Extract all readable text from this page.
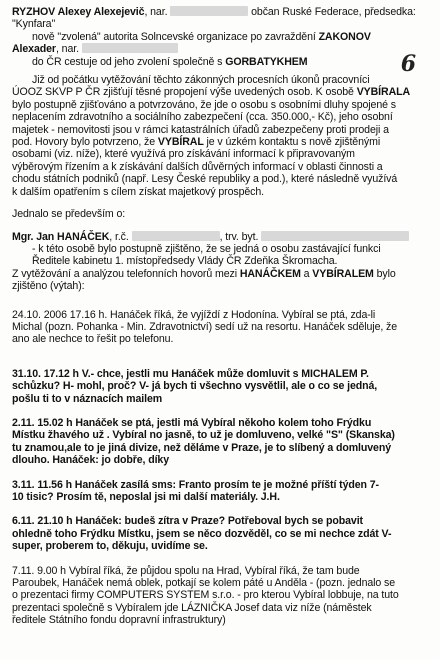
RYZHOV Alexey Alexejevič, nar.	občan Ruské Federace, předsedka:
"Kynfara"
nově "zvolená" autorita Solncevské organizace po zavraždění ZAKONOV
Alexader, nar.
do ČR cestuje od jeho zvolení společně s GORBATYKHEM	6
Již od počátku vytěžování těchto zákonných procesních úkonů pracovníci
ÚOOZ SKVP P ČR zjišťují těsné propojení výše uvedených osob. K osobě VYBÍRALA
bylo postupně zjišťováno a potvrzováno, že jde o osobu s osobními dluhy spojené s
neplacením zdravotního a sociálního zabezpečení (cca. 350.000,- Kč), jeho osobní
majetek - nemovitosti jsou v rámci katastrálních úřadů zabezpečeny proti prodeji a
pod. Hovory bylo potvrzeno, že VYBÍRAL je v úzkém kontaktu s nově zjištěnými
osobami (viz. níže), které využívá pro získávání informací k připravovaným
výběrovým řízením a k získávání dalších důvěrných informací v oblasti činnosti a
chodu státních podniků (např. Lesy České republiky a pod.), které následně využívá
k dalším opatřením s cílem získat majetkový prospěch.
Jednalo se především o:
Mgr. Jan HANÁČEK, r.č.	, trv. byt.
- k této osobě bylo postupně zjištěno, že se jedná o osobu zastávající funkci
Ředitele kabinetu 1. místopředsedy Vlády ČR Zdeňka Škromacha.
Z vytěžování a analýzou telefonních hovorů mezi HANÁČKEM a VYBÍRALEM bylo
zjištěno (výtah):
24.10. 2006 17.16 h. Hanáček říká, že vyjíždí z Hodonína. Vybíral se ptá, zda-li
Michal (pozn. Pohanka - Min. Zdravotnictví) sedí už na resortu. Hanáček sděluje, že
ano ale nechce to řešit po telefonu.
31.10. 17.12 h V.- chce, jestli mu Hanáček může domluvit s MICHALEM P.
schůzku? H- mohl, proč? V- já bych ti všechno vysvětlil, ale o co se jedná,
pošlu ti to v náznacích mailem
2.11. 15.02 h Hanáček se ptá, jestli má Vybíral někoho kolem toho Frýdku
Místku žhavého už . Vybíral no jasně, to už je domluveno, velké "S" (Skanska)
tu znamou,ale to je jiná divize, než děláme v Praze, je to slíbený a domluvený
dlouho. Hanáček: jo dobře, díky
3.11. 11.56 h Hanáček zasílá sms: Franto prosím te je možné příští týden 7-
10 tisic? Prosím tě, neposlal jsi mi další materiály. J.H.
6.11. 21.10 h Hanáček: budeš zítra v Praze? Potřeboval bych se pobavit
ohledně toho Frýdku Místku, jsem se něco dozvěděl, co se mi nechce zdát V-
super, proberem to, děkuju, uvidíme se.
7.11. 9.00 h Vybíral říká, že půjdou spolu na Hrad, Vybíral říká, že tam bude
Paroubek, Hanáček nemá oblek, potkají se kolem páté u Anděla - (pozn. jednalo se
o prezentaci firmy COMPUTERS SYSTEM s.r.o. - pro kterou Vybíral lobbuje, na tuto
prezentaci společně s Vybíralem jde LÁZNIČKA Josef data viz níže (náměstek
ředitele Státního fondu dopravní infrastruktury)
